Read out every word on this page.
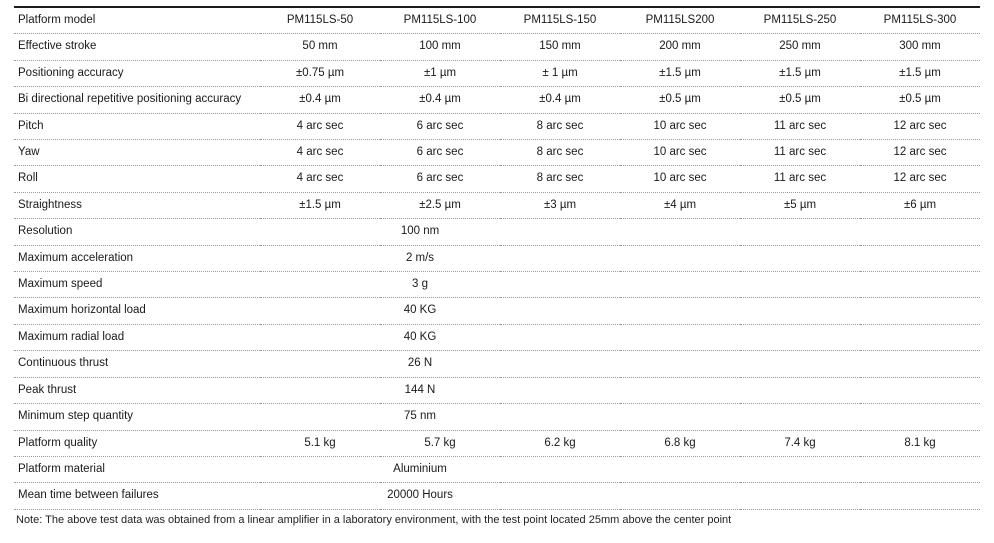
Platform model	PM115LS-50	PM115LS-100	PM115LS-150	PM115LS200	PM115LS-250	PM115LS-300
Effective stroke	50 mm	100 mm	150 mm	200 mm	250 mm	300 mm
Positioning accuracy	±0.75 µm	±1 µm	± 1 µm	±1.5 µm	±1.5 µm	±1.5 µm
Bi directional repetitive positioning accuracy	±0.4 µm	±0.4 µm	±0.4 µm	±0.5 µm	±0.5 µm	±0.5 µm
Pitch	4 arc sec	6 arc sec	8 arc sec	10 arc sec	11 arc sec	12 arc sec
Yaw	4 arc sec	6 arc sec	8 arc sec	10 arc sec	11 arc sec	12 arc sec
Roll	4 arc sec	6 arc sec	8 arc sec	10 arc sec	11 arc sec	12 arc sec
Straightness	±1.5 µm	±2.5 µm	±3 µm	±4 µm	±5 µm	±6 µm
Resolution	100 nm					
Maximum acceleration	2 m/s					
Maximum speed	3 g					
Maximum horizontal load	40 KG					
Maximum radial load	40 KG					
Continuous thrust	26 N					
Peak thrust	144 N					
Minimum step quantity	75 nm					
Platform quality	5.1 kg	5.7 kg	6.2 kg	6.8 kg	7.4 kg	8.1 kg
Platform material	Aluminium					
Mean time between failures	20000 Hours					
Note: The above test data was obtained from a linear amplifier in a laboratory environment, with the test point located 25mm above the center point
